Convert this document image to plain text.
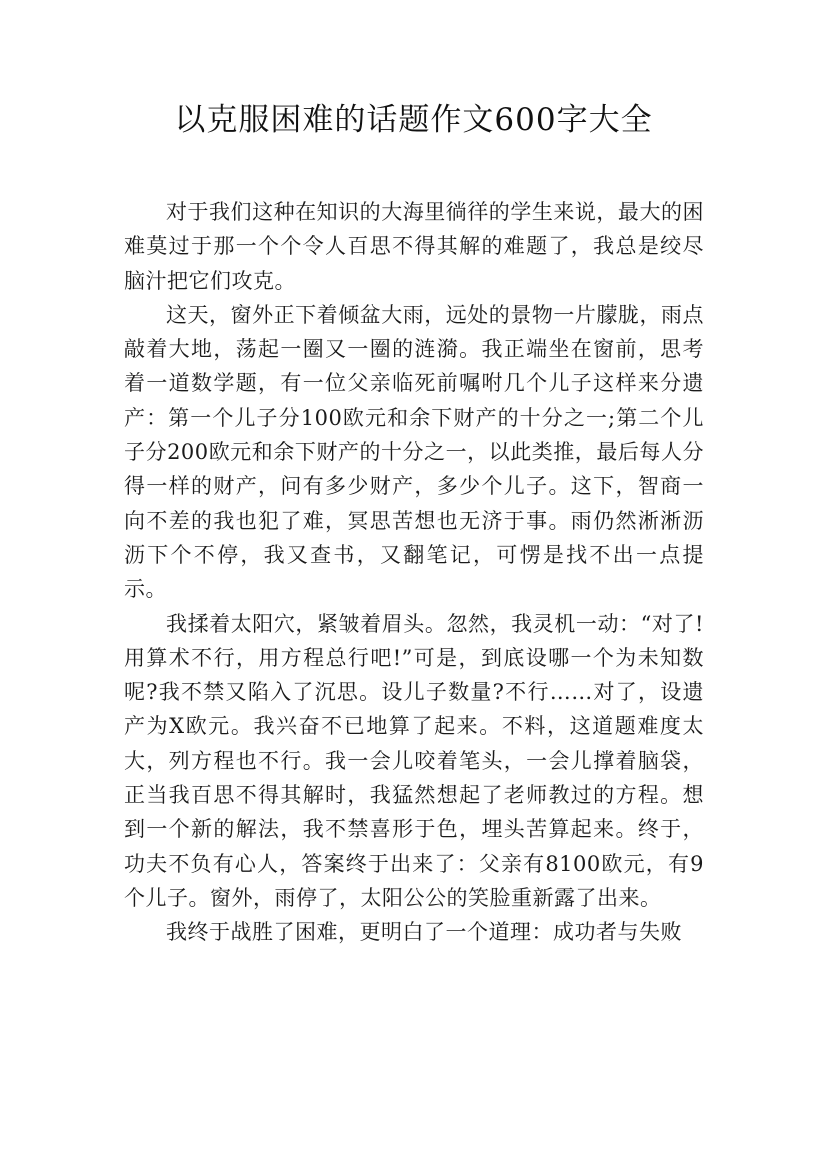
以克服困难的话题作文600字大全

对于我们这种在知识的大海里徜徉的学生来说，最大的困难莫过于那一个个令人百思不得其解的难题了，我总是绞尽脑汁把它们攻克。

这天，窗外正下着倾盆大雨，远处的景物一片朦胧，雨点敲着大地，荡起一圈又一圈的涟漪。我正端坐在窗前，思考着一道数学题，有一位父亲临死前嘱咐几个儿子这样来分遗产：第一个儿子分100欧元和余下财产的十分之一;第二个儿子分200欧元和余下财产的十分之一，以此类推，最后每人分得一样的财产，问有多少财产，多少个儿子。这下，智商一向不差的我也犯了难，冥思苦想也无济于事。雨仍然淅淅沥沥下个不停，我又查书，又翻笔记，可愣是找不出一点提示。

我揉着太阳穴，紧皱着眉头。忽然，我灵机一动：“对了!用算术不行，用方程总行吧!”可是，到底设哪一个为未知数呢?我不禁又陷入了沉思。设儿子数量?不行……对了，设遗产为X欧元。我兴奋不已地算了起来。不料，这道题难度太大，列方程也不行。我一会儿咬着笔头，一会儿撑着脑袋，正当我百思不得其解时，我猛然想起了老师教过的方程。想到一个新的解法，我不禁喜形于色，埋头苦算起来。终于，功夫不负有心人，答案终于出来了：父亲有8100欧元，有9个儿子。窗外，雨停了，太阳公公的笑脸重新露了出来。

我终于战胜了困难，更明白了一个道理：成功者与失败
